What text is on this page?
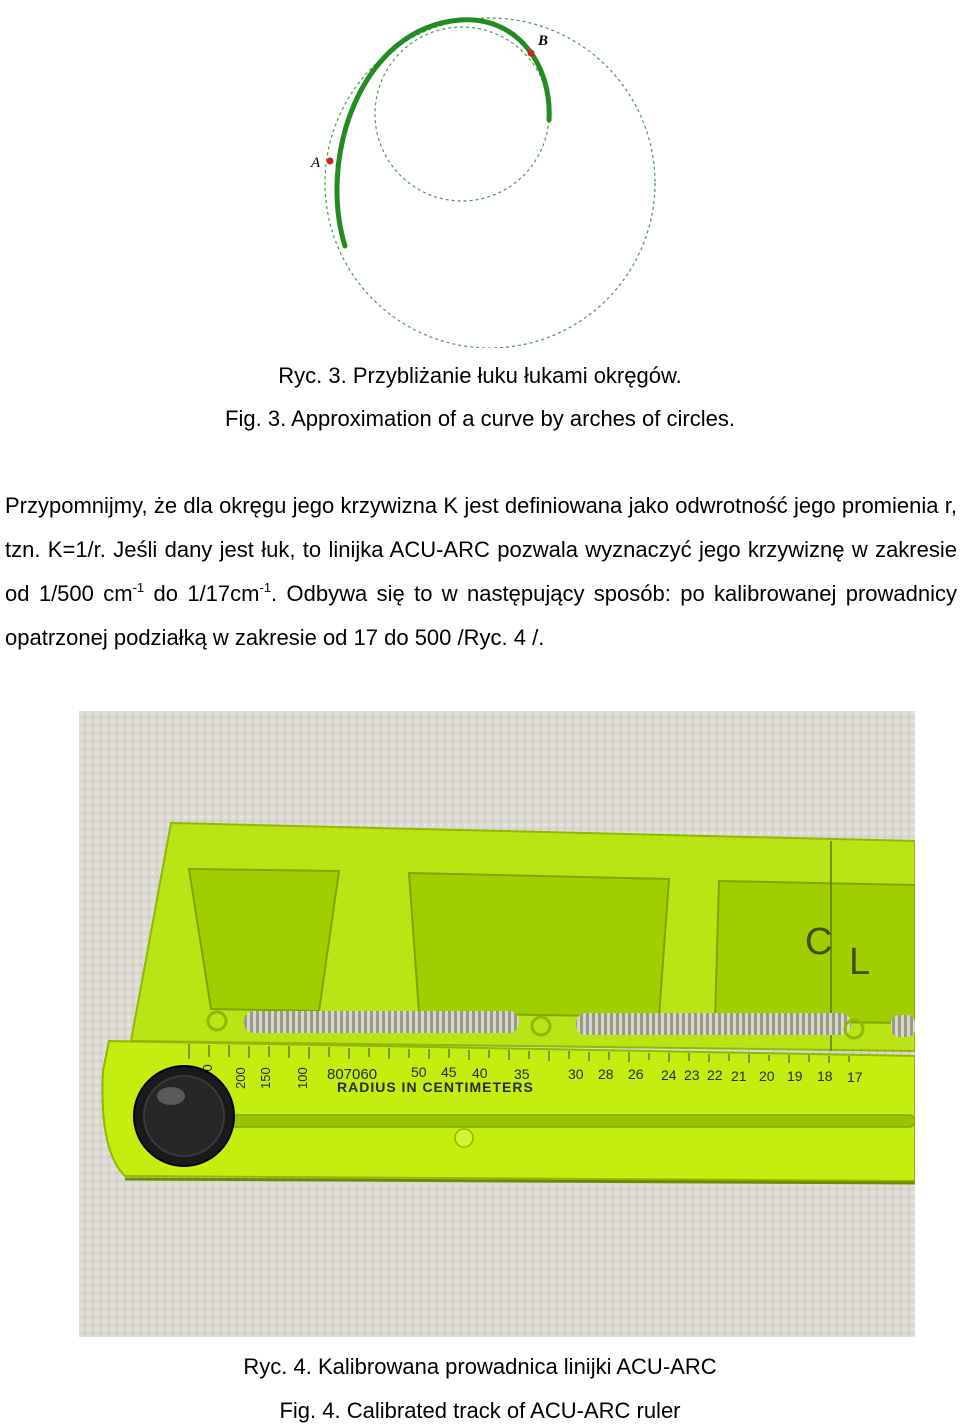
A
B
Ryc. 3. Przybliżanie łuku łukami okręgów.
Fig. 3. Approximation of a curve by arches of circles.
Przypomnijmy, że dla okręgu jego krzywizna K jest definiowana jako odwrotność jego promienia r, tzn. K=1/r. Jeśli dany jest łuk, to linijka ACU-ARC pozwala wyznaczyć jego krzywiznę w zakresie od 1/500 $cm^{-1}$ do $1/17cm^{-1}$. Odbywa się to w następujący sposób: po kalibrowanej prowadnicy opatrzonej podziałką w zakresie od 17 do 500 /Ryc. 4 /.
C L
200 150 100 807060 50 45 40 35	30 28 26 24 23 22 21 20 19 18 17
RADIUS IN CENTIMETERS
Ryc. 4. Kalibrowana prowadnica linijki ACU-ARC
Fig. 4. Calibrated track of ACU-ARC ruler
